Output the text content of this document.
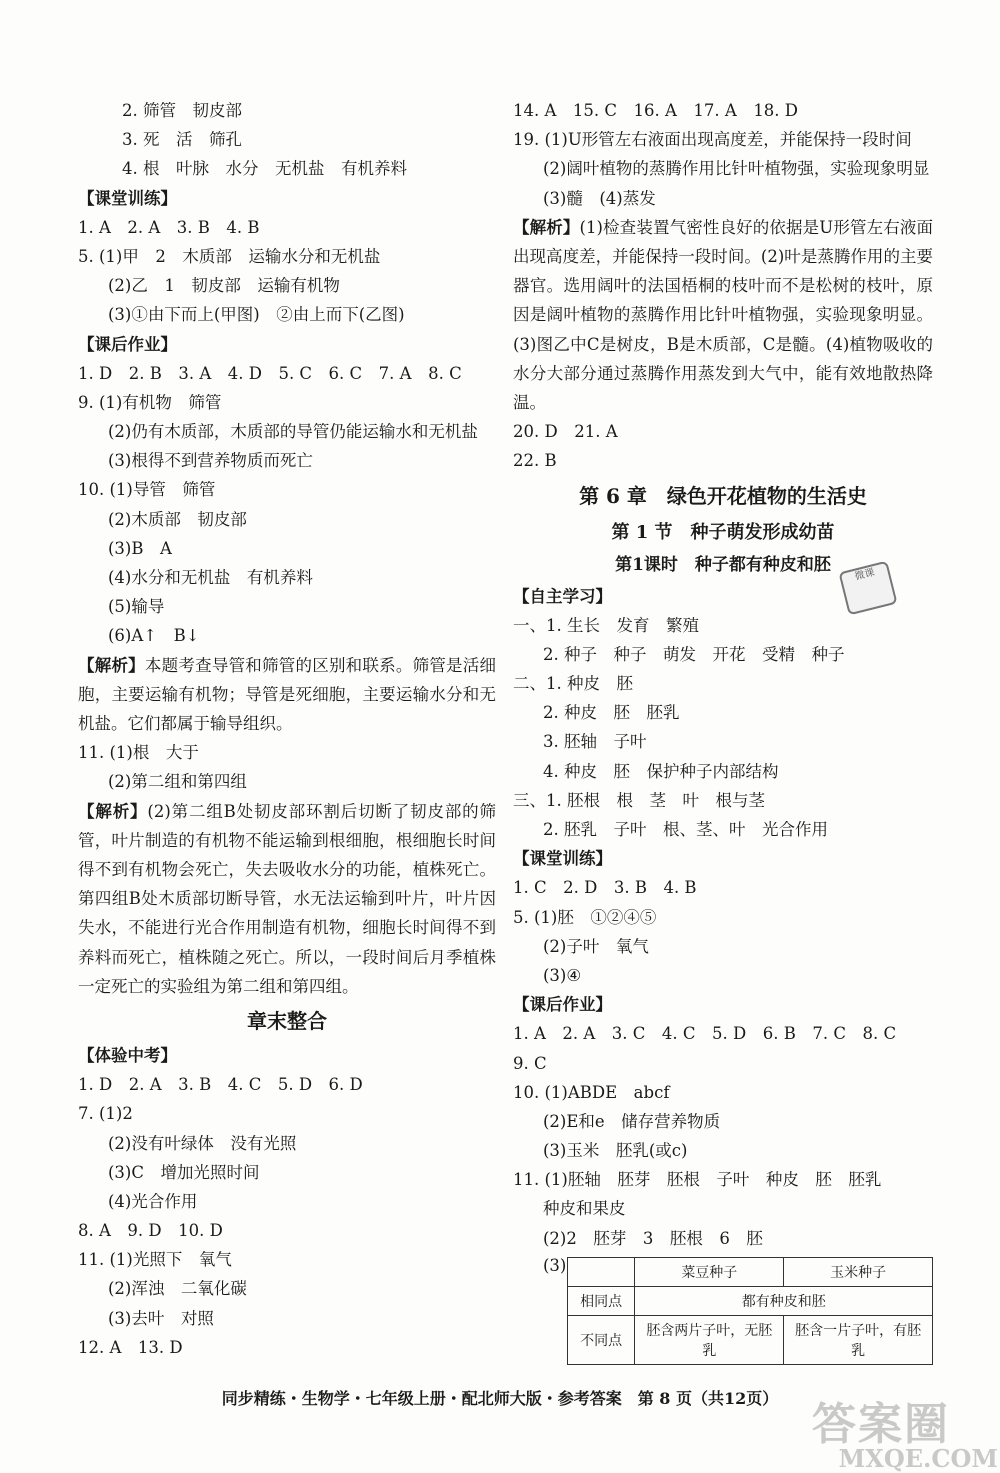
2. 筛管　韧皮部
3. 死　活　筛孔
4. 根　叶脉　水分　无机盐　有机养料
【课堂训练】
1. A　2. A　3. B　4. B
5. (1)甲　2　木质部　运输水分和无机盐
(2)乙　1　韧皮部　运输有机物
(3)①由下而上(甲图)　②由上而下(乙图)
【课后作业】
1. D　2. B　3. A　4. D　5. C　6. C　7. A　8. C
9. (1)有机物　筛管
(2)仍有木质部，木质部的导管仍能运输水和无机盐
(3)根得不到营养物质而死亡
10. (1)导管　筛管
(2)木质部　韧皮部
(3)B　A
(4)水分和无机盐　有机养料
(5)输导
(6)A↑　B↓
【解析】本题考查导管和筛管的区别和联系。筛管是活细胞，主要运输有机物；导管是死细胞，主要运输水分和无机盐。它们都属于输导组织。
11. (1)根　大于
(2)第二组和第四组
【解析】(2)第二组B处韧皮部环割后切断了韧皮部的筛管，叶片制造的有机物不能运输到根细胞，根细胞长时间得不到有机物会死亡，失去吸收水分的功能，植株死亡。第四组B处木质部切断导管，水无法运输到叶片，叶片因失水，不能进行光合作用制造有机物，细胞长时间得不到养料而死亡，植株随之死亡。所以，一段时间后月季植株一定死亡的实验组为第二组和第四组。
章末整合
【体验中考】
1. D　2. A　3. B　4. C　5. D　6. D
7. (1)2
(2)没有叶绿体　没有光照
(3)C　增加光照时间
(4)光合作用
8. A　9. D　10. D
11. (1)光照下　氧气
(2)浑浊　二氧化碳
(3)去叶　对照
12. A　13. D
14. A　15. C　16. A　17. A　18. D
19. (1)U形管左右液面出现高度差，并能保持一段时间
(2)阔叶植物的蒸腾作用比针叶植物强，实验现象明显
(3)髓　(4)蒸发
【解析】(1)检查装置气密性良好的依据是U形管左右液面出现高度差，并能保持一段时间。(2)叶是蒸腾作用的主要器官。选用阔叶的法国梧桐的枝叶而不是松树的枝叶，原因是阔叶植物的蒸腾作用比针叶植物强，实验现象明显。(3)图乙中C是树皮，B是木质部，C是髓。(4)植物吸收的水分大部分通过蒸腾作用蒸发到大气中，能有效地散热降温。
20. D　21. A
22. B
第 6 章　绿色开花植物的生活史
第 1 节　种子萌发形成幼苗
第1课时　种子都有种皮和胚
【自主学习】
一、1. 生长　发育　繁殖
2. 种子　种子　萌发　开花　受精　种子
二、1. 种皮　胚
2. 种皮　胚　胚乳
3. 胚轴　子叶
4. 种皮　胚　保护种子内部结构
三、1. 胚根　根　茎　叶　根与茎
2. 胚乳　子叶　根、茎、叶　光合作用
【课堂训练】
1. C　2. D　3. B　4. B
5. (1)胚　①②④⑤
(2)子叶　氧气
(3)④
【课后作业】
1. A　2. A　3. C　4. C　5. D　6. B　7. C　8. C
9. C
10. (1)ABDE　abcf
(2)E和e　储存营养物质
(3)玉米　胚乳(或c)
11. (1)胚轴　胚芽　胚根　子叶　种皮　胚　胚乳
种皮和果皮
(2)2　胚芽　3　胚根　6　胚
(3)
		菜豆种子	玉米种子
相同点	都有种皮和胚	
不同点	胚含两片子叶，无胚乳	胚含一片子叶，有胚乳
微课
同步精练・生物学・七年级上册・配北师大版・参考答案　第 8 页（共12页）
答案圈
MXQE.COM
